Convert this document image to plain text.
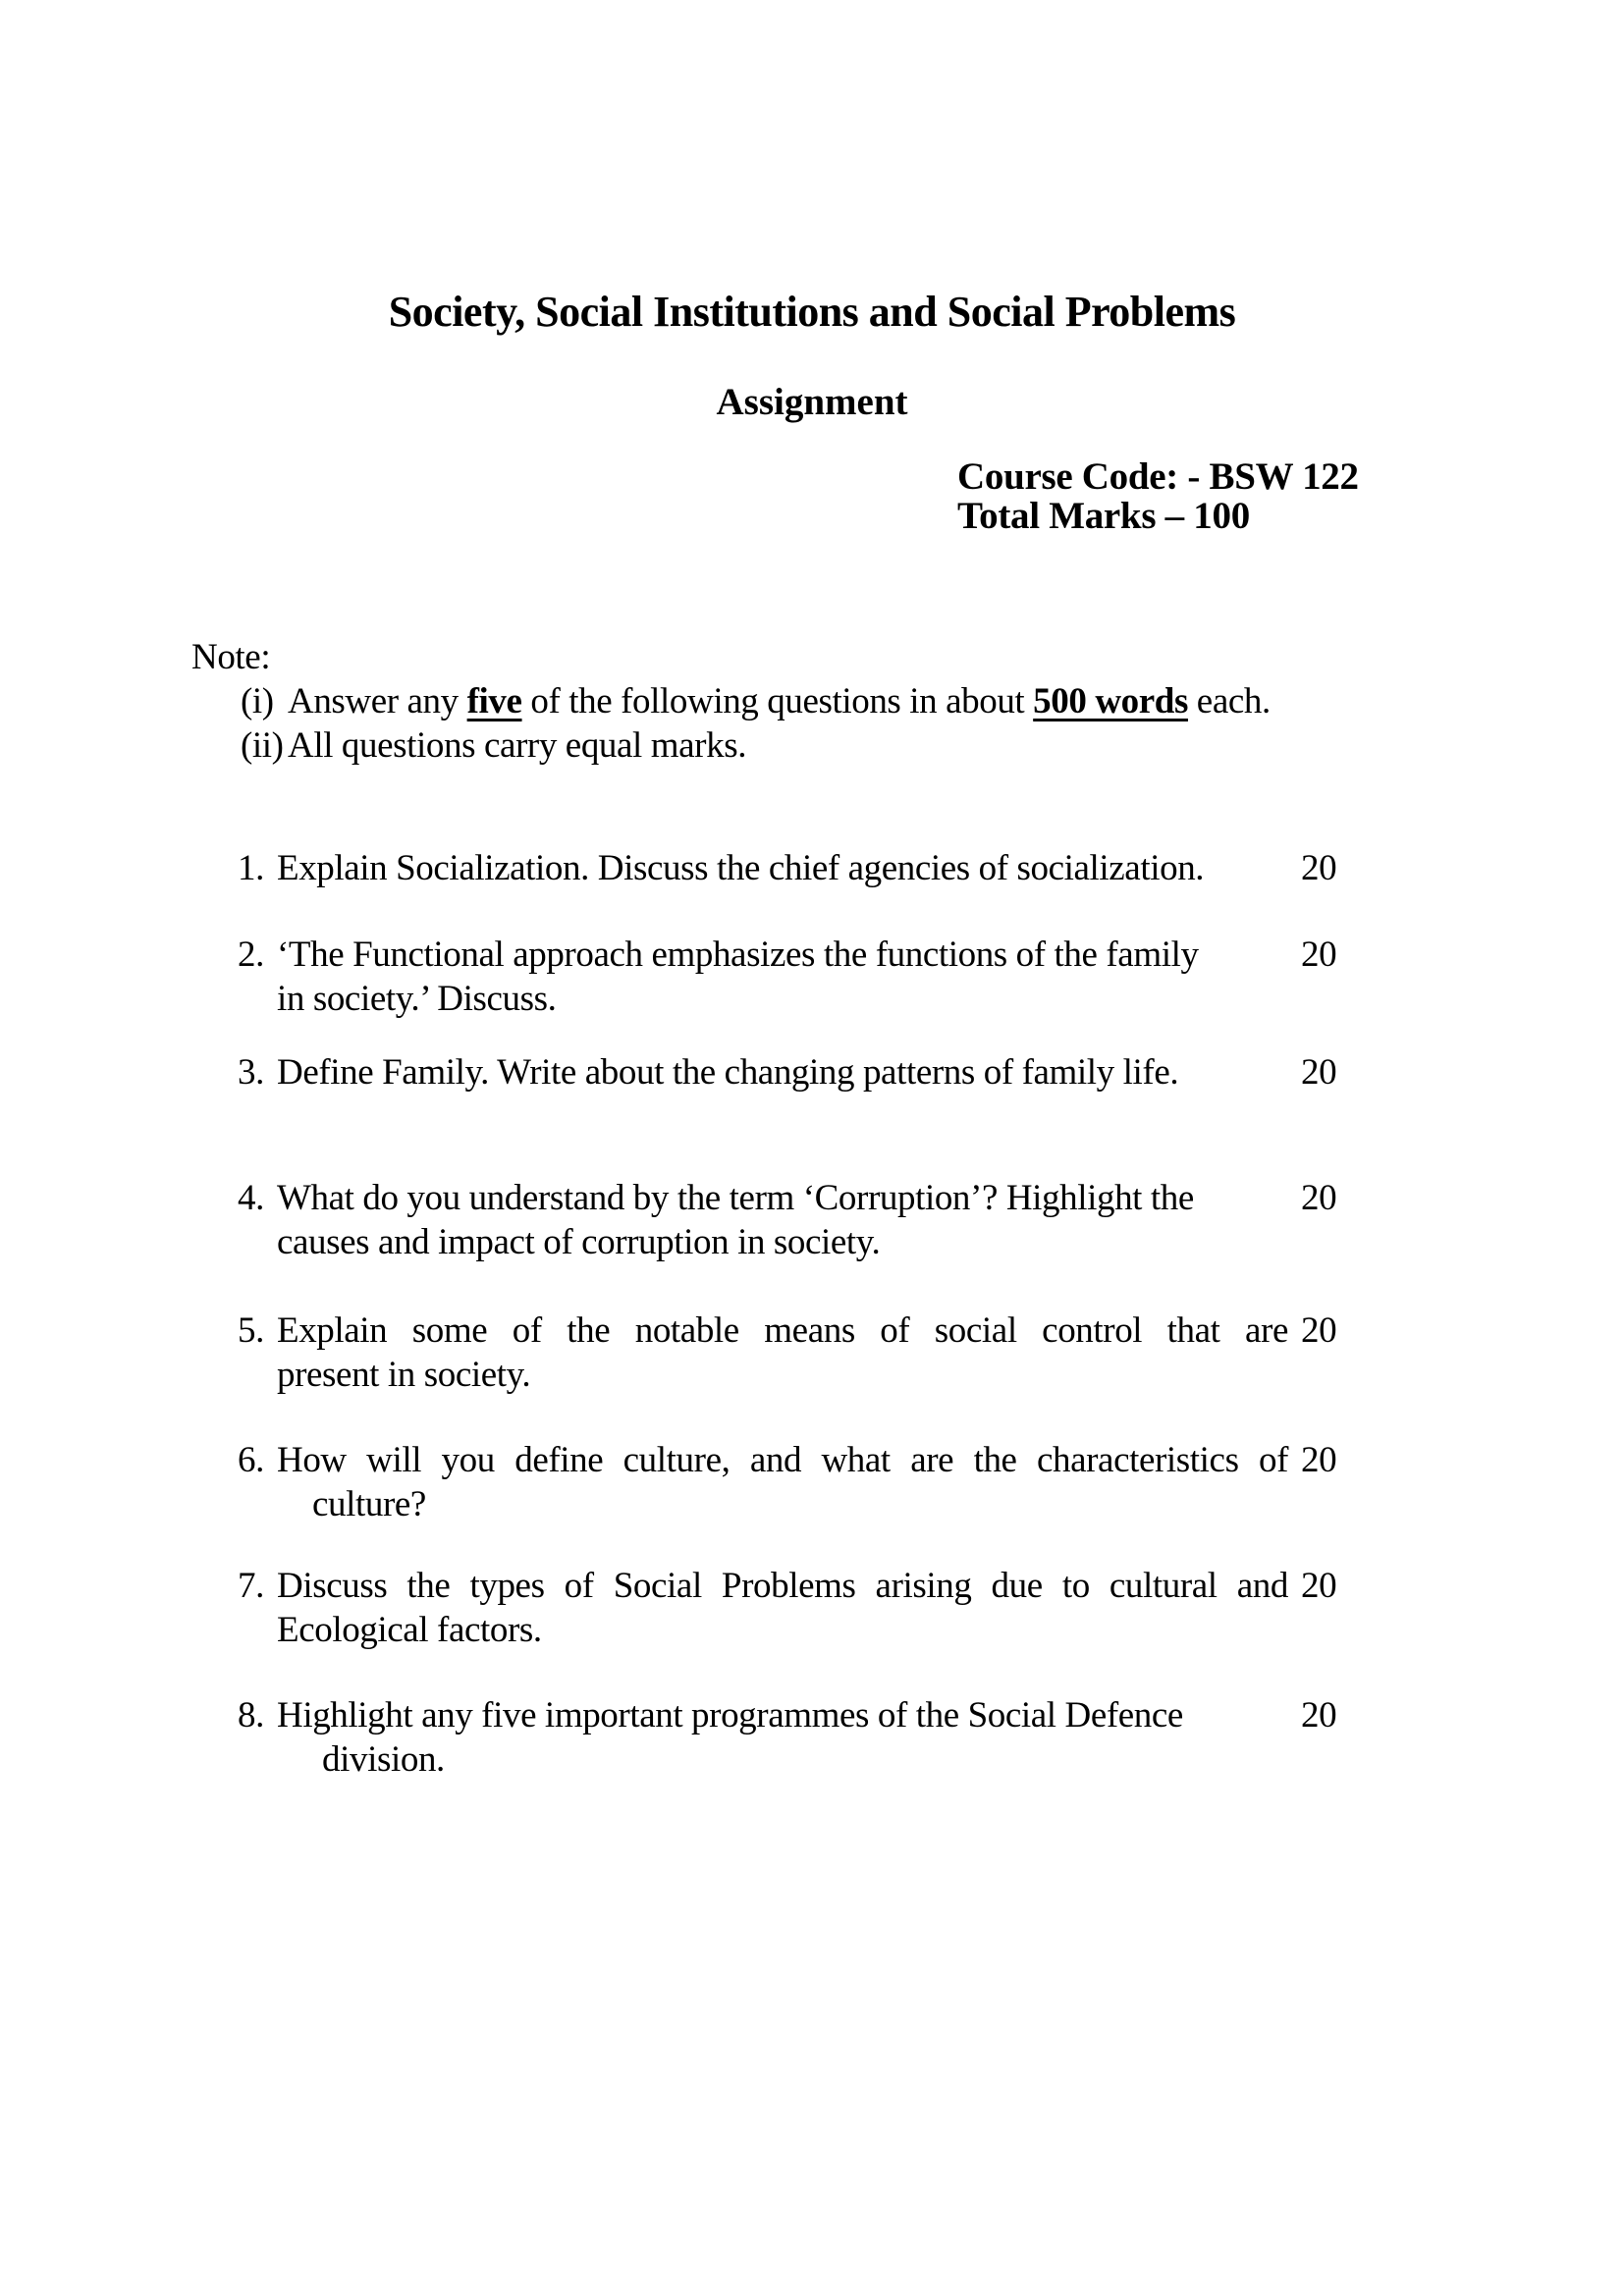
Society, Social Institutions and Social Problems
Assignment
Course Code: - BSW 122
Total Marks – 100
Note:
(i) Answer any five of the following questions in about 500 words each.
(ii) All questions carry equal marks.
1. Explain Socialization. Discuss the chief agencies of socialization.	20
2. ‘The Functional approach emphasizes the functions of the family
in society.’ Discuss.
20
3. Define Family. Write about the changing patterns of family life.	20
4. What do you understand by the term ‘Corruption’? Highlight the
causes and impact of corruption in society.
20
5. Explain some of the notable means of social control that are
present in society.
20
6. How will you define culture, and what are the characteristics of
culture?
20
7. Discuss the types of Social Problems arising due to cultural and
Ecological factors.
20
8. Highlight any five important programmes of the Social Defence
division.
20
